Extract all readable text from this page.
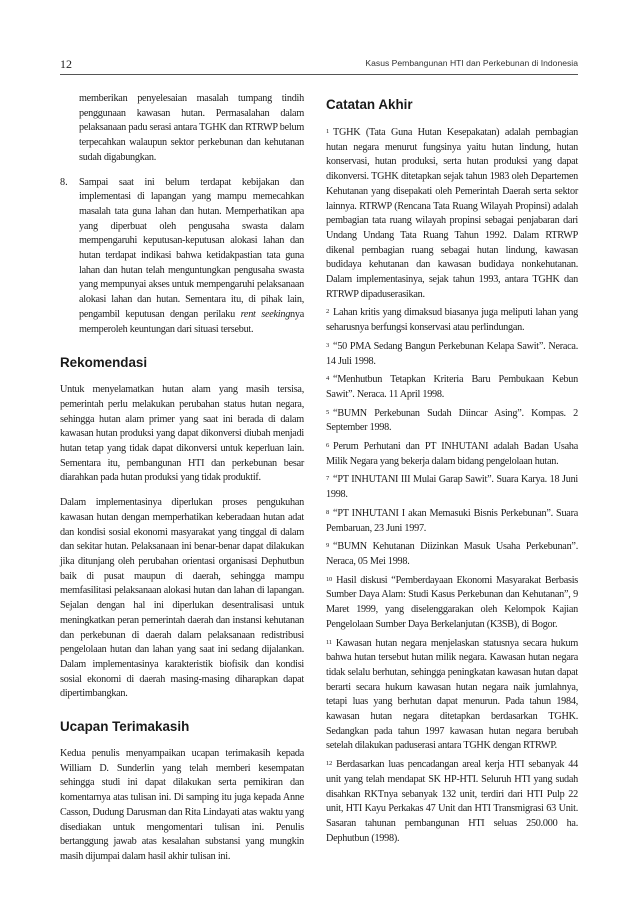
12	Kasus Pembangunan HTI dan Perkebunan di Indonesia

memberikan penyelesaian masalah tumpang tindih penggunaan kawasan hutan. Permasalahan dalam pelaksanaan padu serasi antara TGHK dan RTRWP belum terpecahkan walaupun sektor perkebunan dan kehutanan sudah digabungkan.

8. Sampai saat ini belum terdapat kebijakan dan implementasi di lapangan yang mampu memecahkan masalah tata guna lahan dan hutan. Memperhatikan apa yang diperbuat oleh pengusaha swasta dalam mempengaruhi keputusan-keputusan alokasi lahan dan hutan terdapat indikasi bahwa ketidakpastian tata guna lahan dan hutan telah menguntungkan pengusaha swasta yang mempunyai akses untuk mempengaruhi pelaksanaan alokasi lahan dan hutan. Sementara itu, di pihak lain, pengambil keputusan dengan perilaku rent seekingnya memperoleh keuntungan dari situasi tersebut.

Rekomendasi

Untuk menyelamatkan hutan alam yang masih tersisa, pemerintah perlu melakukan perubahan status hutan negara, sehingga hutan alam primer yang saat ini berada di dalam kawasan hutan produksi yang dapat dikonversi diubah menjadi hutan tetap yang tidak dapat dikonversi untuk keperluan lain. Sementara itu, pembangunan HTI dan perkebunan besar diarahkan pada hutan produksi yang tidak produktif.

Dalam implementasinya diperlukan proses pengukuhan kawasan hutan dengan memperhatikan keberadaan hutan adat dan kondisi sosial ekonomi masyarakat yang tinggal di dalam dan sekitar hutan. Pelaksanaan ini benar-benar dapat dilakukan jika ditunjang oleh perubahan orientasi organisasi Dephutbun baik di pusat maupun di daerah, sehingga mampu memfasilitasi pelaksanaan alokasi hutan dan lahan di lapangan. Sejalan dengan hal ini diperlukan desentralisasi untuk meningkatkan peran pemerintah daerah dan instansi kehutanan dan perkebunan di daerah dalam pelaksanaan redistribusi pengelolaan hutan dan lahan yang saat ini sedang dijalankan. Dalam implementasinya karakteristik biofisik dan kondisi sosial ekonomi di daerah masing-masing diharapkan dapat dipertimbangkan.

Ucapan Terimakasih

Kedua penulis menyampaikan ucapan terimakasih kepada William D. Sunderlin yang telah memberi kesempatan sehingga studi ini dapat dilakukan serta pemikiran dan komentarnya atas tulisan ini. Di samping itu juga kepada Anne Casson, Dudung Darusman dan Rita Lindayati atas waktu yang disediakan untuk mengomentari tulisan ini. Penulis bertanggung jawab atas kesalahan substansi yang mungkin masih dijumpai dalam hasil akhir tulisan ini.

Catatan Akhir

$^1$ TGHK (Tata Guna Hutan Kesepakatan) adalah pembagian hutan negara menurut fungsinya yaitu hutan lindung, hutan konservasi, hutan produksi, serta hutan produksi yang dapat dikonversi. TGHK ditetapkan sejak tahun 1983 oleh Departemen Kehutanan yang disepakati oleh Pemerintah Daerah serta sektor lainnya. RTRWP (Rencana Tata Ruang Wilayah Propinsi) adalah pembagian tata ruang wilayah propinsi sebagai penjabaran dari Undang Undang Tata Ruang Tahun 1992. Dalam RTRWP dikenal pembagian ruang sebagai hutan lindung, kawasan budidaya kehutanan dan kawasan budidaya nonkehutanan. Dalam implementasinya, sejak tahun 1993, antara TGHK dan RTRWP dipaduserasikan.

$^2$ Lahan kritis yang dimaksud biasanya juga meliputi lahan yang seharusnya berfungsi konservasi atau perlindungan.

$^3$ “50 PMA Sedang Bangun Perkebunan Kelapa Sawit”. Neraca. 14 Juli 1998.

$^4$ “Menhutbun Tetapkan Kriteria Baru Pembukaan Kebun Sawit”. Neraca. 11 April 1998.

$^5$ “BUMN Perkebunan Sudah Diincar Asing”. Kompas. 2 September 1998.

$^6$ Perum Perhutani dan PT INHUTANI adalah Badan Usaha Milik Negara yang bekerja dalam bidang pengelolaan hutan.

$^7$ “PT INHUTANI III Mulai Garap Sawit”. Suara Karya. 18 Juni 1998.

$^8$ “PT INHUTANI I akan Memasuki Bisnis Perkebunan”. Suara Pembaruan, 23 Juni 1997.

$^9$ “BUMN Kehutanan Diizinkan Masuk Usaha Perkebunan”. Neraca, 05 Mei 1998.

$^{10}$ Hasil diskusi “Pemberdayaan Ekonomi Masyarakat Berbasis Sumber Daya Alam: Studi Kasus Perkebunan dan Kehutanan”, 9 Maret 1999, yang diselenggarakan oleh Kelompok Kajian Pengelolaan Sumber Daya Berkelanjutan (K3SB), di Bogor.

$^{11}$ Kawasan hutan negara menjelaskan statusnya secara hukum bahwa hutan tersebut hutan milik negara. Kawasan hutan negara tidak selalu berhutan, sehingga peningkatan kawasan hutan dapat berarti secara hukum kawasan hutan negara naik jumlahnya, tetapi luas yang berhutan dapat menurun. Pada tahun 1984, kawasan hutan negara ditetapkan berdasarkan TGHK. Sedangkan pada tahun 1997 kawasan hutan negara berubah setelah dilakukan paduserasi antara TGHK dengan RTRWP.

$^{12}$ Berdasarkan luas pencadangan areal kerja HTI sebanyak 44 unit yang telah mendapat SK HP-HTI. Seluruh HTI yang sudah disahkan RKTnya sebanyak 132 unit, terdiri dari HTI Pulp 22 unit, HTI Kayu Perkakas 47 Unit dan HTI Transmigrasi 63 Unit. Sasaran tahunan pembangunan HTI seluas 250.000 ha. Dephutbun (1998).
